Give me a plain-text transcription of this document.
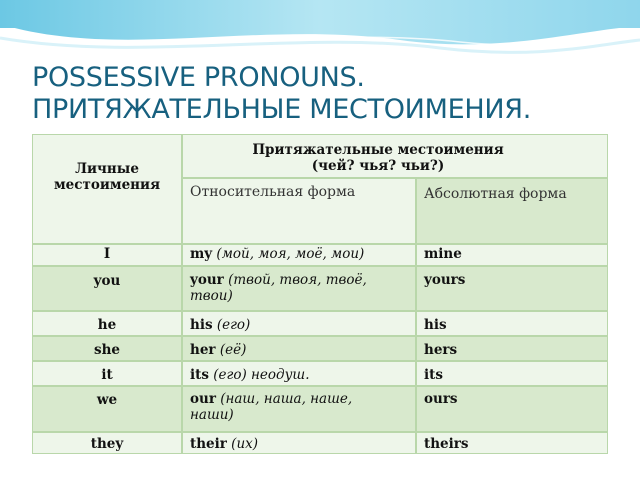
POSSESSIVE PRONOUNS.
ПРИТЯЖАТЕЛЬНЫЕ МЕСТОИМЕНИЯ.
Личные
местоимения
Притяжательные местоимения
(чей? чья? чьи?)
Относительная форма	Абсолютная форма
I
you
he
she
it
we
they
my (мой, моя, моё, мои)
your (твой, твоя, твоё,
твои)
his (его)
her (её)
its (его) неодуш.
our (наш, наша, наше,
наши)
their (их)
mine
yours
his
hers
its
ours
theirs
